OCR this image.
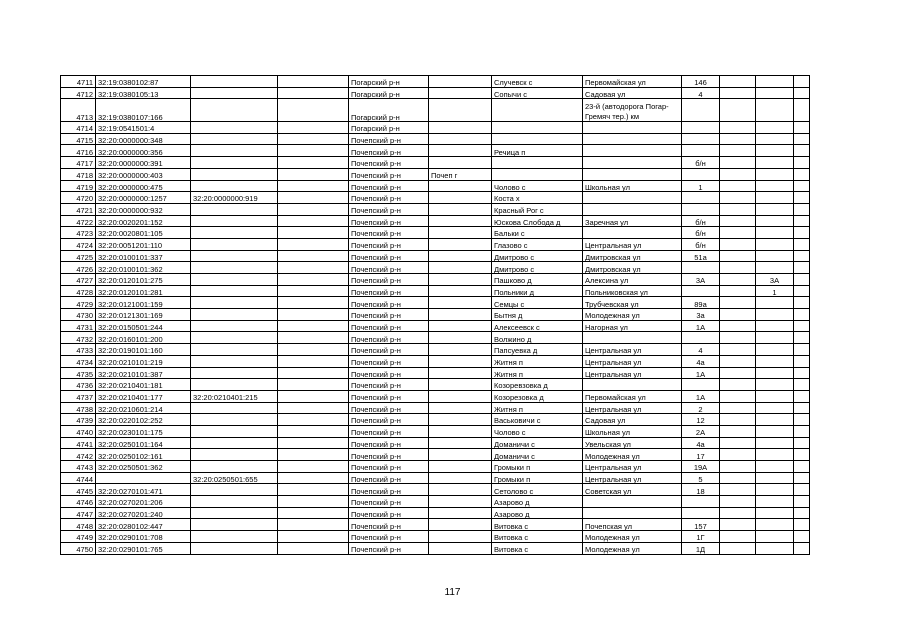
4711	32:19:0380102:87			Погарский р-н		Случевск с	Первомайская ул	146			
4712	32:19:0380105:13			Погарский р-н		Сопычи с	Садовая ул	4			
4713	32:19:0380107:166			Погарский р-н			23-й (автодорога Погар-Гремяч тер.) км				

4714	32:19:0541501:4			Погарский р-н							
4715	32:20:0000000:348			Почепский р-н							
4716	32:20:0000000:356			Почепский р-н		Речица п					
4717	32:20:0000000:391			Почепский р-н				б/н			
4718	32:20:0000000:403			Почепский р-н	Почеп г						
4719	32:20:0000000:475			Почепский р-н		Чолово с	Школьная ул	1			
4720	32:20:0000000:1257	32:20:0000000:919		Почепский р-н		Коста х					
4721	32:20:0000000:932			Почепский р-н		Красный Рог с					
4722	32:20:0020201:152			Почепский р-н		Юскова Слобода д	Заречная ул	б/н			
4723	32:20:0020801:105			Почепский р-н		Бальки с		б/н			
4724	32:20:0051201:110			Почепский р-н		Глазово с	Центральная ул	б/н			
4725	32:20:0100101:337			Почепский р-н		Дмитрово с	Дмитровская ул	51а			
4726	32:20:0100101:362			Почепский р-н		Дмитрово с	Дмитровская ул				
4727	32:20:0120101:275			Почепский р-н		Пашково д	Алексина ул	3А		3А	
4728	32:20:0120101:281			Почепский р-н		Польники д	Польниковская ул			1	
4729	32:20:0121001:159			Почепский р-н		Семцы с	Трубчевская ул	89а			
4730	32:20:0121301:169			Почепский р-н		Бытня д	Молодежная ул	3а			
4731	32:20:0150501:244			Почепский р-н		Алексеевск с	Нагорная ул	1А			
4732	32:20:0160101:200			Почепский р-н		Волжино д					
4733	32:20:0190101:160			Почепский р-н		Папсуевка д	Центральная ул	4			
4734	32:20:0210101:219			Почепский р-н		Житня п	Центральная ул	4а			
4735	32:20:0210101:387			Почепский р-н		Житня п	Центральная ул	1А			
4736	32:20:0210401:181			Почепский р-н		Козоревзовка д					
4737	32:20:0210401:177	32:20:0210401:215		Почепский р-н		Козорезовка д	Первомайская ул	1А			
4738	32:20:0210601:214			Почепский р-н		Житня п	Центральная ул	2			
4739	32:20:0220102:252			Почепский р-н		Васьковичи с	Садовая ул	12			
4740	32:20:0230101:175			Почепский р-н		Чолово с	Школьная ул	2А			
4741	32:20:0250101:164			Почепский р-н		Доманичи с	Увельская ул	4а			
4742	32:20:0250102:161			Почепский р-н		Доманичи с	Молодежная ул	17			
4743	32:20:0250501:362			Почепский р-н		Громыки п	Центральная ул	19А			
4744		32:20:0250501:655		Почепский р-н		Громыки п	Центральная ул	5			
4745	32:20:0270101:471			Почепский р-н		Сетолово с	Советская ул	18			
4746	32:20:0270201:206			Почепский р-н		Азарово д					
4747	32:20:0270201:240			Почепский р-н		Азарово д					
4748	32:20:0280102:447			Почепский р-н		Витовка с	Почепская ул	157			
4749	32:20:0290101:708			Почепский р-н		Витовка с	Молодежная ул	1Г			
4750	32:20:0290101:765			Почепский р-н		Витовка с	Молодежная ул	1Д			
117
